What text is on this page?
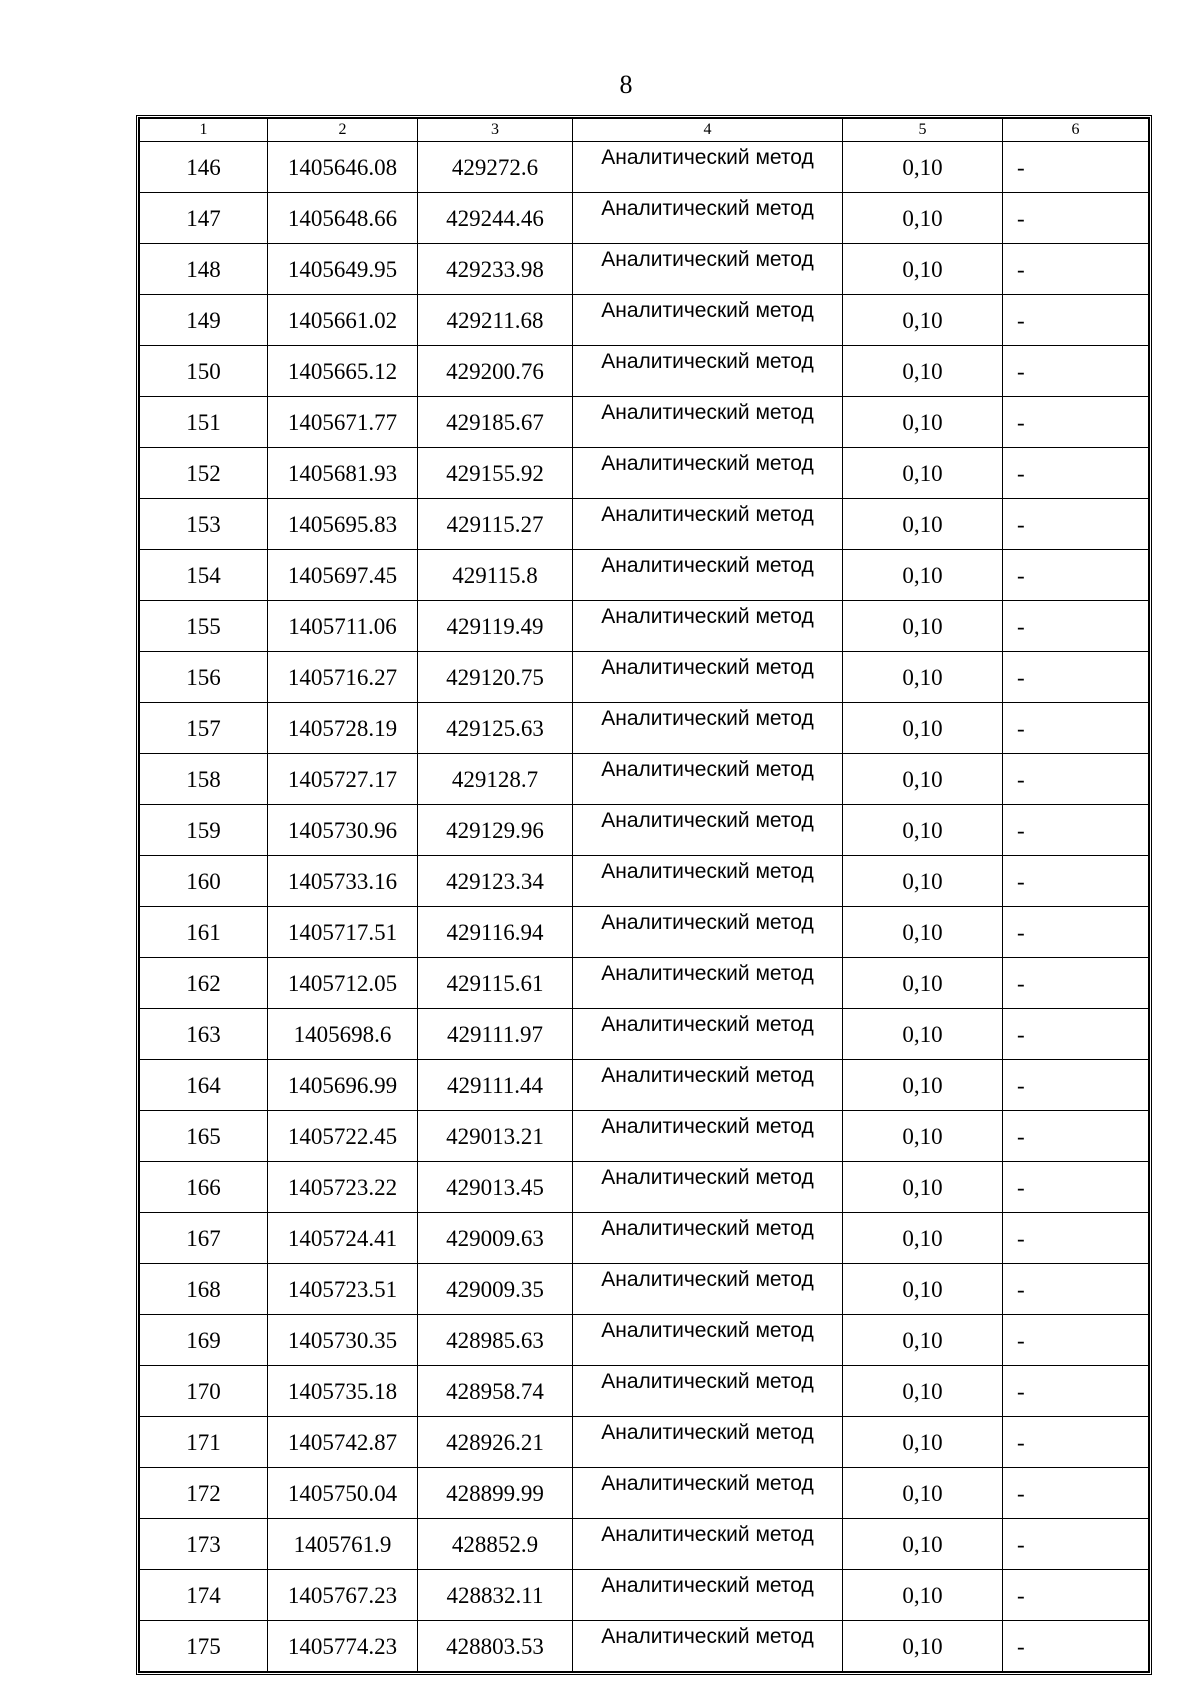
8
1	2	3	4	5	6
146	1405646.08	429272.6	Аналитический метод	0,10	-
147	1405648.66	429244.46	Аналитический метод	0,10	-
148	1405649.95	429233.98	Аналитический метод	0,10	-
149	1405661.02	429211.68	Аналитический метод	0,10	-
150	1405665.12	429200.76	Аналитический метод	0,10	-
151	1405671.77	429185.67	Аналитический метод	0,10	-
152	1405681.93	429155.92	Аналитический метод	0,10	-
153	1405695.83	429115.27	Аналитический метод	0,10	-
154	1405697.45	429115.8	Аналитический метод	0,10	-
155	1405711.06	429119.49	Аналитический метод	0,10	-
156	1405716.27	429120.75	Аналитический метод	0,10	-
157	1405728.19	429125.63	Аналитический метод	0,10	-
158	1405727.17	429128.7	Аналитический метод	0,10	-
159	1405730.96	429129.96	Аналитический метод	0,10	-
160	1405733.16	429123.34	Аналитический метод	0,10	-
161	1405717.51	429116.94	Аналитический метод	0,10	-
162	1405712.05	429115.61	Аналитический метод	0,10	-
163	1405698.6	429111.97	Аналитический метод	0,10	-
164	1405696.99	429111.44	Аналитический метод	0,10	-
165	1405722.45	429013.21	Аналитический метод	0,10	-
166	1405723.22	429013.45	Аналитический метод	0,10	-
167	1405724.41	429009.63	Аналитический метод	0,10	-
168	1405723.51	429009.35	Аналитический метод	0,10	-
169	1405730.35	428985.63	Аналитический метод	0,10	-
170	1405735.18	428958.74	Аналитический метод	0,10	-
171	1405742.87	428926.21	Аналитический метод	0,10	-
172	1405750.04	428899.99	Аналитический метод	0,10	-
173	1405761.9	428852.9	Аналитический метод	0,10	-
174	1405767.23	428832.11	Аналитический метод	0,10	-
175	1405774.23	428803.53	Аналитический метод	0,10	-
